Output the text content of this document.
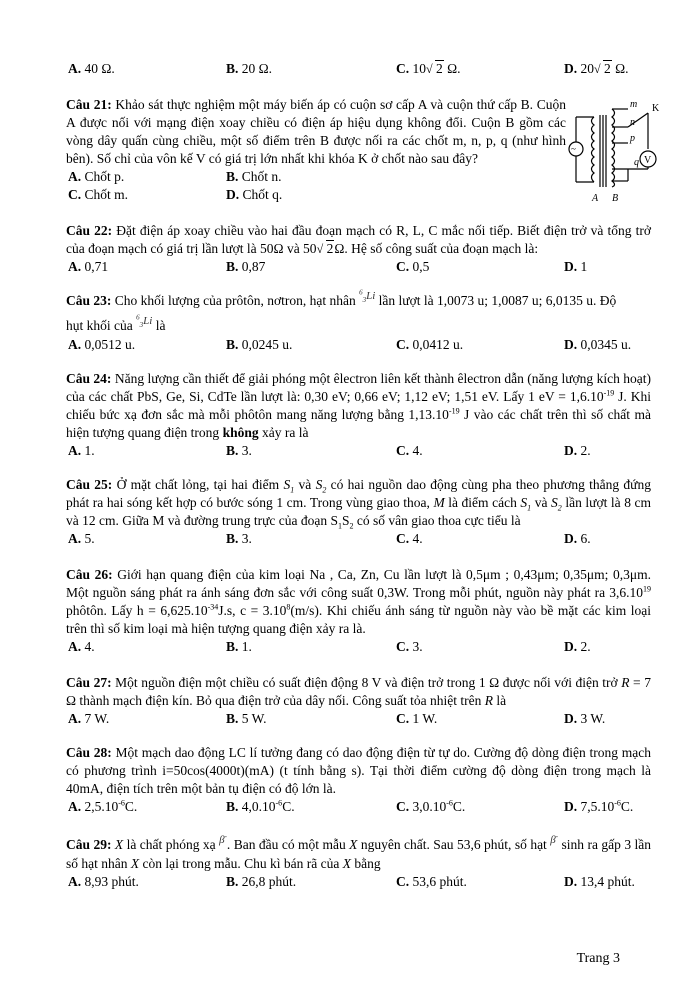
A. 40 Ω.	B. 20 Ω.	C. 10 √ 2 Ω.	D. 20 √ 2 Ω.
Câu 21: Khảo sát thực nghiệm một máy biến áp có cuộn sơ cấp A và cuộn thứ cấp B. Cuộn A được nối với mạng điện xoay chiều có điện áp hiệu dụng không đổi. Cuộn B gồm các vòng dây quấn cùng chiều, một số điểm trên B được nối ra các chốt m, n, p, q (như hình bên). Số chỉ của vôn kế V có giá trị lớn nhất khi khóa K ở chốt nào sau đây?
A. Chốt p.	B. Chốt n.
C. Chốt m.	D. Chốt q.
~
m
n
p
q
K
V
A B
Câu 22: Đặt điện áp xoay chiều vào hai đầu đoạn mạch có R, L, C mắc nối tiếp. Biết điện trở và tổng trở của đoạn mạch có giá trị lần lượt là 50Ω và 50 √ 2Ω. Hệ số công suất của đoạn mạch là:
A. 0,71	B. 0,87	C. 0,5	D. 1
Câu 23: Cho khối lượng của prôtôn, nơtron, hạt nhân $^{^6_3Li}$ lần lượt là 1,0073 u; 1,0087 u; 6,0135 u. Độ
hụt khối của $^{^6_3Li}$ là
A. 0,0512 u.	B. 0,0245 u.	C. 0,0412 u.	D. 0,0345 u.
Câu 24: Năng lượng cần thiết để giải phóng một êlectron liên kết thành êlectron dẫn (năng lượng kích hoạt) của các chất PbS, Ge, Si, CdTe lần lượt là: 0,30 eV; 0,66 eV; 1,12 eV; 1,51 eV. Lấy 1 eV = $1,6.10^{-19}$ J. Khi chiếu bức xạ đơn sắc mà mỗi phôtôn mang năng lượng bằng $1,13.10^{-19}$ J vào các chất trên thì số chất mà hiện tượng quang điện trong không xảy ra là
A. 1.	B. 3.	C. 4.	D. 2.
Câu 25: Ở mặt chất lỏng, tại hai điểm $S_1$ và $S_2$ có hai nguồn dao động cùng pha theo phương thẳng đứng phát ra hai sóng kết hợp có bước sóng 1 cm. Trong vùng giao thoa, M là điểm cách $S_1$ và $S_2$ lần lượt là 8 cm và 12 cm. Giữa M và đường trung trực của đoạn $S_1S_2$ có số vân giao thoa cực tiểu là
A. 5.	B. 3.	C. 4.	D. 6.
Câu 26: Giới hạn quang điện của kim loại Na , Ca, Zn, Cu lần lượt là 0,5μm ; 0,43μm; 0,35μm; 0,3μm. Một nguồn sáng phát ra ánh sáng đơn sắc với công suất 0,3W. Trong mỗi phút, nguồn này phát ra 3,6.10$^{19}$ phôtôn. Lấy $h = 6,625.10^{-34}J.s$, $c = 3.10^8(m/s)$. Khi chiếu ánh sáng từ nguồn này vào bề mặt các kim loại trên thì số kim loại mà hiện tượng quang điện xảy ra là.
A. 4.	B. 1.	C. 3.	D. 2.
Câu 27: Một nguồn điện một chiều có suất điện động 8 V và điện trở trong 1 Ω được nối với điện trở R = 7 Ω thành mạch điện kín. Bỏ qua điện trở của dây nối. Công suất tỏa nhiệt trên R là
A. 7 W.	B. 5 W.	C. 1 W.	D. 3 W.
Câu 28: Một mạch dao động LC lí tưởng đang có dao động điện từ tự do. Cường độ dòng điện trong mạch có phương trình i=50cos(4000t)(mA) (t tính bằng s). Tại thời điểm cường độ dòng điện trong mạch là 40mA, điện tích trên một bản tụ điện có độ lớn là.
A. $2,5.10^{-6}C$.	B. $4,0.10^{-6}C$.	C. $3,0.10^{-6}C$.	D. $7,5.10^{-6}C$.
Câu 29: X là chất phóng xạ $^{\beta^-}$. Ban đầu có một mẫu X nguyên chất. Sau 53,6 phút, số hạt $^{\beta^-}$ sinh ra gấp 3 lần số hạt nhân X còn lại trong mẫu. Chu kì bán rã của X bằng
A. 8,93 phút.	B. 26,8 phút.	C. 53,6 phút.	D. 13,4 phút.
Trang 3
